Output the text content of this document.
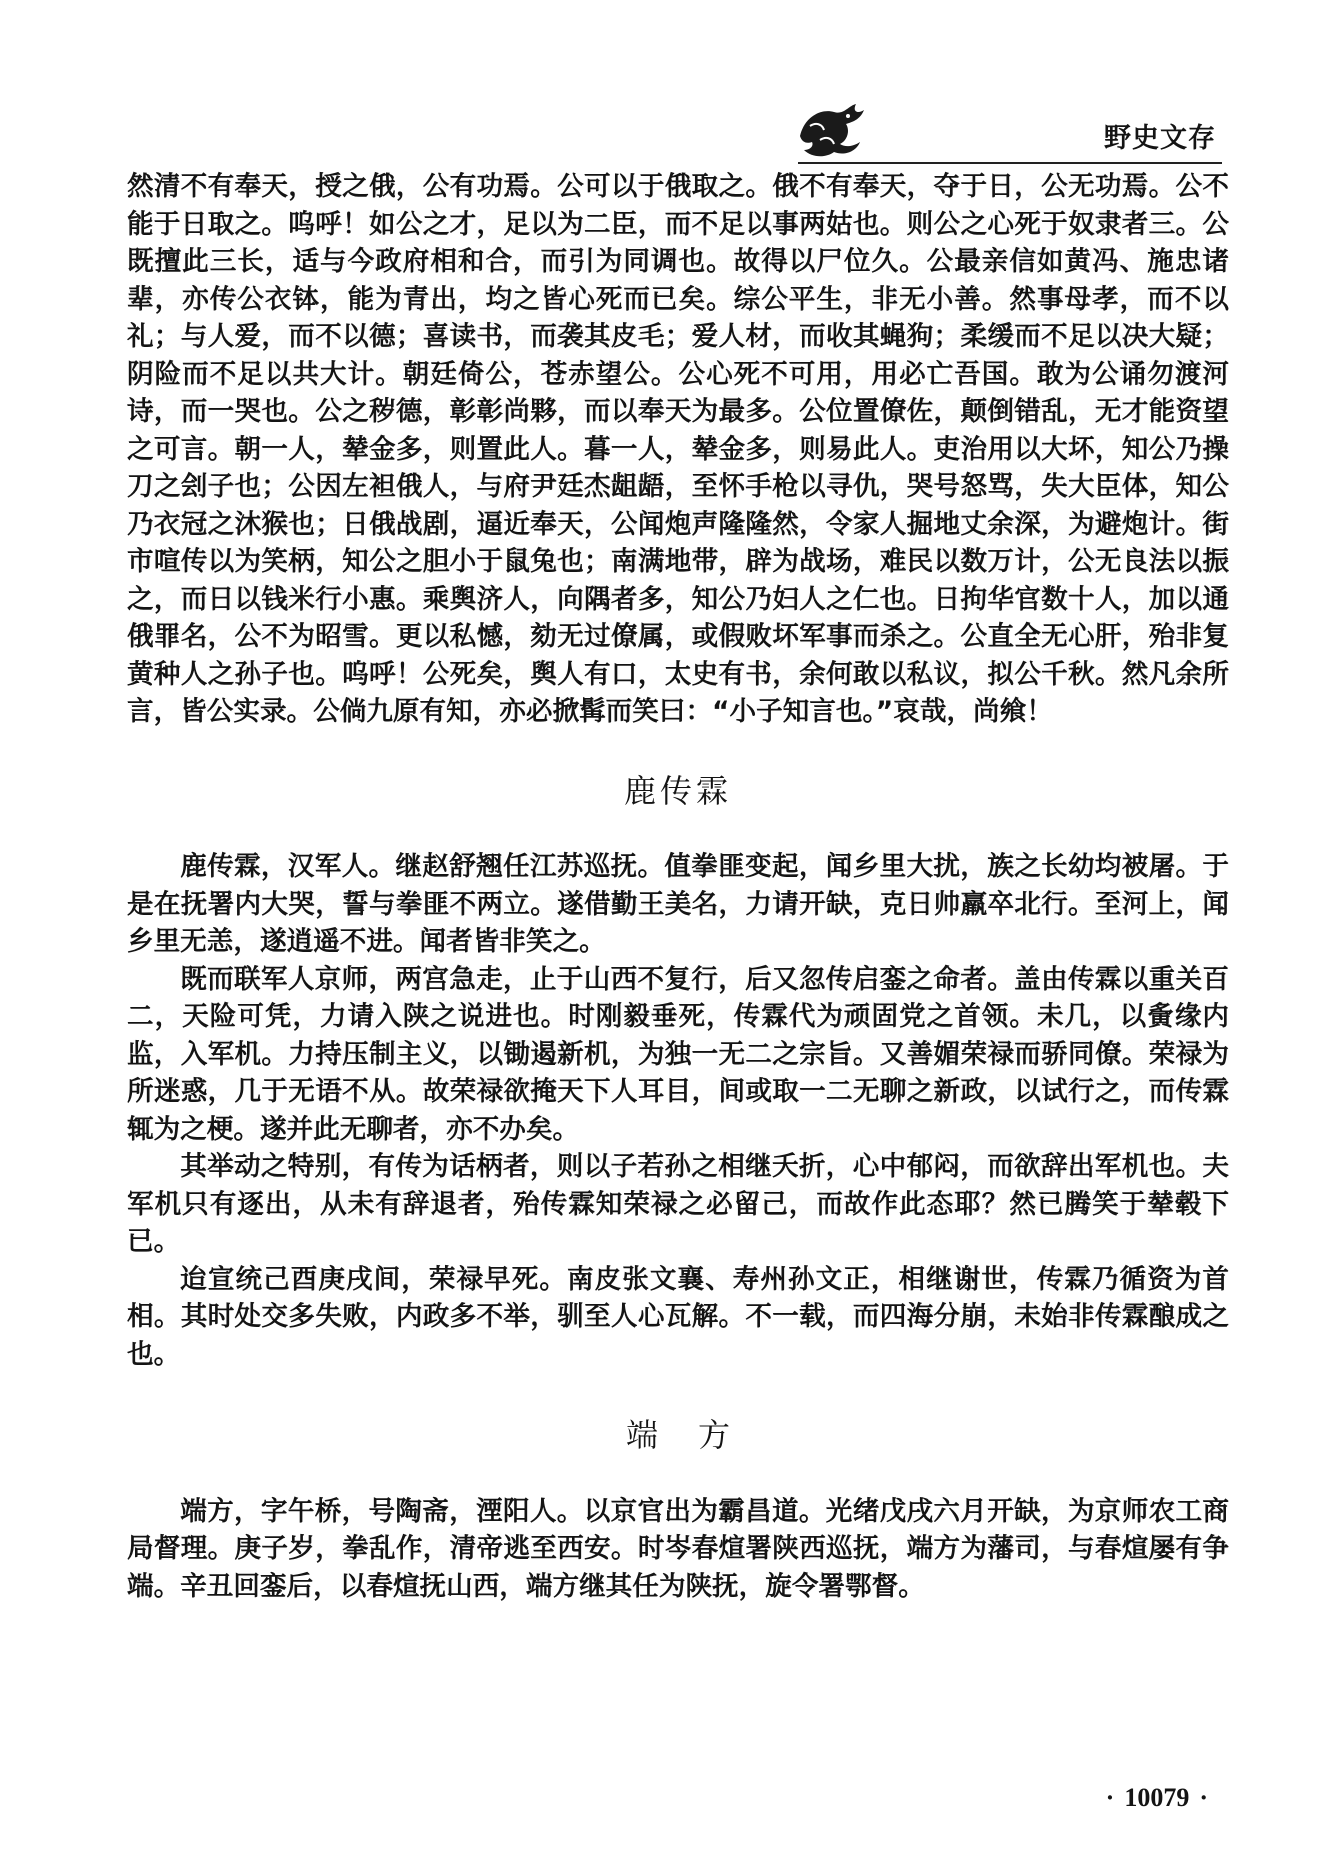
野史文存

然清不有奉天，授之俄，公有功焉。公可以于俄取之。俄不有奉天，夺于日，公无功焉。公不能于日取之。呜呼！如公之才，足以为二臣，而不足以事两姑也。则公之心死于奴隶者三。公既擅此三长，适与今政府相和合，而引为同调也。故得以尸位久。公最亲信如黄冯、施忠诸辈，亦传公衣钵，能为青出，均之皆心死而已矣。综公平生，非无小善。然事母孝，而不以礼；与人爱，而不以德；喜读书，而袭其皮毛；爱人材，而收其蝇狗；柔缓而不足以决大疑；阴险而不足以共大计。朝廷倚公，苍赤望公。公心死不可用，用必亡吾国。敢为公诵勿渡河诗，而一哭也。公之秽德，彰彰尚夥，而以奉天为最多。公位置僚佐，颠倒错乱，无才能资望之可言。朝一人，辇金多，则置此人。暮一人，辇金多，则易此人。吏治用以大坏，知公乃操刀之刽子也；公因左袒俄人，与府尹廷杰龃龉，至怀手枪以寻仇，哭号怒骂，失大臣体，知公乃衣冠之沐猴也；日俄战剧，逼近奉天，公闻炮声隆隆然，令家人掘地丈余深，为避炮计。街市喧传以为笑柄，知公之胆小于鼠兔也；南满地带，辟为战场，难民以数万计，公无良法以振之，而日以钱米行小惠。乘舆济人，向隅者多，知公乃妇人之仁也。日拘华官数十人，加以通俄罪名，公不为昭雪。更以私憾，劾无过僚属，或假败坏军事而杀之。公直全无心肝，殆非复黄种人之孙子也。呜呼！公死矣，舆人有口，太史有书，余何敢以私议，拟公千秋。然凡余所言，皆公实录。公倘九原有知，亦必掀髯而笑曰：“小子知言也。”哀哉，尚飨！

鹿传霖

鹿传霖，汉军人。继赵舒翘任江苏巡抚。值拳匪变起，闻乡里大扰，族之长幼均被屠。于是在抚署内大哭，誓与拳匪不两立。遂借勤王美名，力请开缺，克日帅羸卒北行。至河上，闻乡里无恙，遂逍遥不进。闻者皆非笑之。

既而联军人京师，两宫急走，止于山西不复行，后又忽传启銮之命者。盖由传霖以重关百二，天险可凭，力请入陕之说进也。时刚毅垂死，传霖代为顽固党之首领。未几，以夤缘内监，入军机。力持压制主义，以锄遏新机，为独一无二之宗旨。又善媚荣禄而骄同僚。荣禄为所迷惑，几于无语不从。故荣禄欲掩天下人耳目，间或取一二无聊之新政，以试行之，而传霖辄为之梗。遂并此无聊者，亦不办矣。

其举动之特别，有传为话柄者，则以子若孙之相继夭折，心中郁闷，而欲辞出军机也。夫军机只有逐出，从未有辞退者，殆传霖知荣禄之必留己，而故作此态耶？然已腾笑于辇毂下已。

迨宣统己酉庚戌间，荣禄早死。南皮张文襄、寿州孙文正，相继谢世，传霖乃循资为首相。其时处交多失败，内政多不举，驯至人心瓦解。不一载，而四海分崩，未始非传霖酿成之也。

端方

端方，字午桥，号陶斋，湮阳人。以京官出为霸昌道。光绪戊戌六月开缺，为京师农工商局督理。庚子岁，拳乱作，清帝逃至西安。时岑春煊署陕西巡抚，端方为藩司，与春煊屡有争端。辛丑回銮后，以春煊抚山西，端方继其任为陕抚，旋令署鄂督。

· 10079 ·
